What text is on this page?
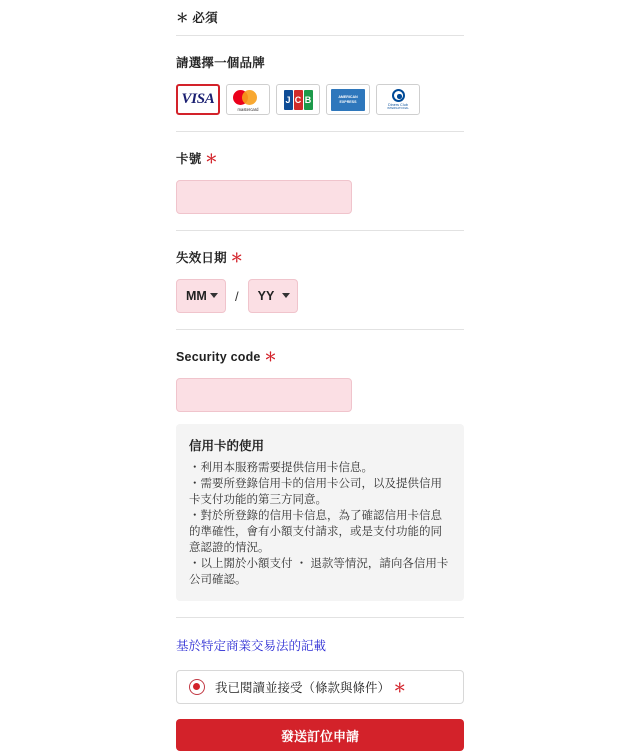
＊ 必須
請選擇一個品牌
VISA
mastercard
J C B	AMERICAN EXPRESS
Diners Club
INTERNATIONAL
卡號 ＊
失效日期 ＊
MM / YY
Security code ＊
信用卡的使用
・利用本服務需要提供信用卡信息。
・需要所登錄信用卡的信用卡公司，以及提供信用卡支付功能的第三方同意。
・對於所登錄的信用卡信息，為了確認信用卡信息的準確性，會有小額支付請求，或是支付功能的同意認證的情況。
・以上閞於小額支付 ・ 退款等情況，請向各信用卡公司確認。
基於特定商業交易法的記載
我已閱讀並接受（條款與條件） ＊
發送訂位申請
